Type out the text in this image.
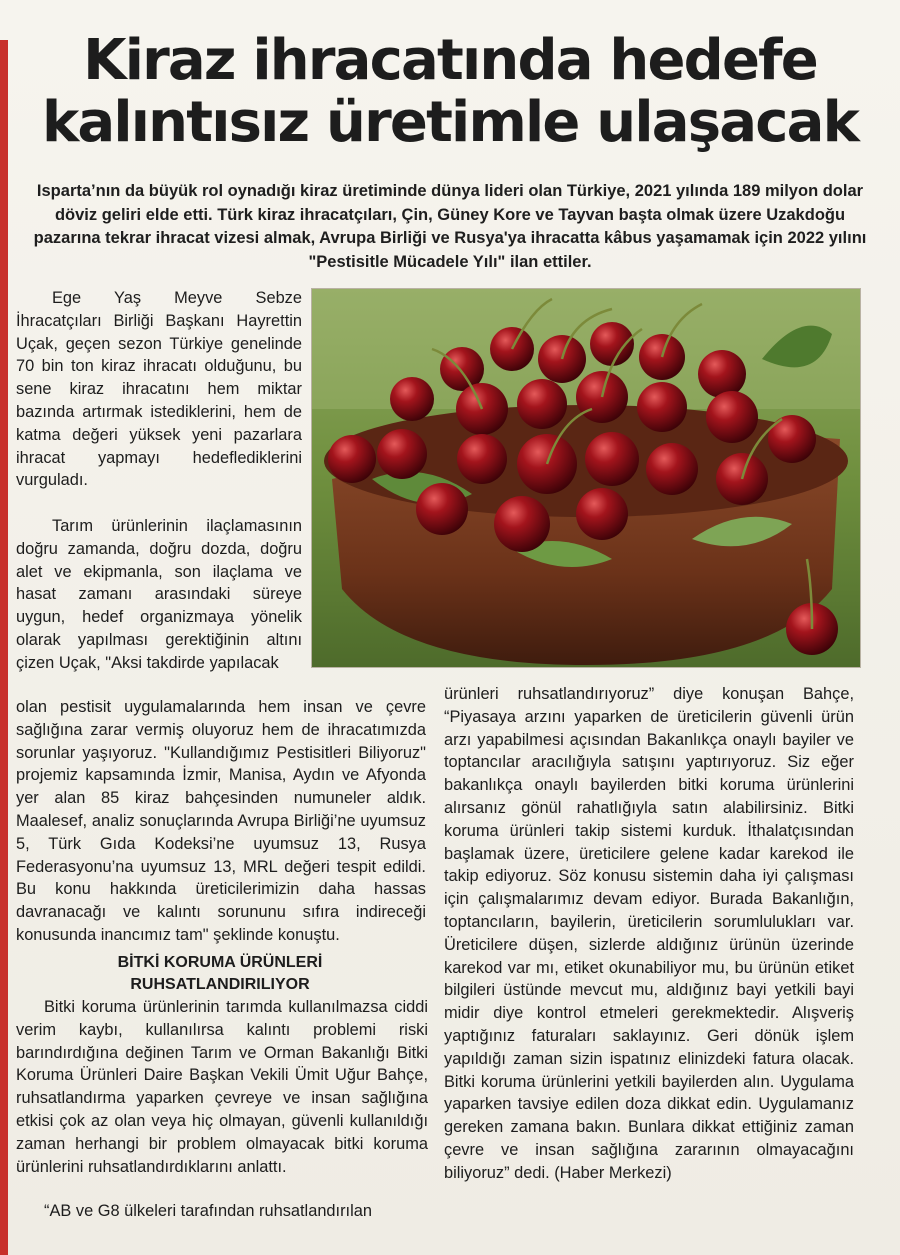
Kiraz ihracatında hedefe
kalıntısız üretimle ulaşacak

Isparta’nın da büyük rol oynadığı kiraz üretiminde dünya lideri olan Türkiye, 2021 yılında 189 milyon dolar döviz geliri elde etti. Türk kiraz ihracatçıları, Çin, Güney Kore ve Tayvan başta olmak üzere Uzakdoğu pazarına tekrar ihracat vizesi almak, Avrupa Birliği ve Rusya'ya ihracatta kâbus yaşamamak için 2022 yılını "Pestisitle Mücadele Yılı" ilan ettiler.

Ege Yaş Meyve Sebze İhracatçıları Birliği Başkanı Hayrettin Uçak, geçen sezon Türkiye genelinde 70 bin ton kiraz ihracatı olduğunu, bu sene kiraz ihracatını hem miktar bazında artırmak istediklerini, hem de katma değeri yüksek yeni pazarlara ihracat yapmayı hedeflediklerini vurguladı.

Tarım ürünlerinin ilaçlamasının doğru zamanda, doğru dozda, doğru alet ve ekipmanla, son ilaçlama ve hasat zamanı arasındaki süreye uygun, hedef organizmaya yönelik olarak yapılması gerektiğinin altını çizen Uçak, "Aksi takdirde yapılacak

olan pestisit uygulamalarında hem insan ve çevre sağlığına zarar vermiş oluyoruz hem de ihracatımızda sorunlar yaşıyoruz. "Kullandığımız Pestisitleri Biliyoruz" projemiz kapsamında İzmir, Manisa, Aydın ve Afyonda yer alan 85 kiraz bahçesinden numuneler aldık. Maalesef, analiz sonuçlarında Avrupa Birliği’ne uyumsuz 5, Türk Gıda Kodeksi’ne uyumsuz 13, Rusya Federasyonu’na uyumsuz 13, MRL değeri tespit edildi. Bu konu hakkında üreticilerimizin daha hassas davranacağı ve kalıntı sorununu sıfıra indireceği konusunda inancımız tam" şeklinde konuştu.

BİTKİ KORUMA ÜRÜNLERİ RUHSATLANDIRILIYOR

Bitki koruma ürünlerinin tarımda kullanılmazsa ciddi verim kaybı, kullanılırsa kalıntı problemi riski barındırdığına değinen Tarım ve Orman Bakanlığı Bitki Koruma Ürünleri Daire Başkan Vekili Ümit Uğur Bahçe, ruhsatlandırma yaparken çevreye ve insan sağlığına etkisi çok az olan veya hiç olmayan, güvenli kullanıldığı zaman herhangi bir problem olmayacak bitki koruma ürünlerini ruhsatlandırdıklarını anlattı.

“AB ve G8 ülkeleri tarafından ruhsatlandırılan

ürünleri ruhsatlandırıyoruz” diye konuşan Bahçe, “Piyasaya arzını yaparken de üreticilerin güvenli ürün arzı yapabilmesi açısından Bakanlıkça onaylı bayiler ve toptancılar aracılığıyla satışını yaptırıyoruz. Siz eğer bakanlıkça onaylı bayilerden bitki koruma ürünlerini alırsanız gönül rahatlığıyla satın alabilirsiniz. Bitki koruma ürünleri takip sistemi kurduk. İthalatçısından başlamak üzere, üreticilere gelene kadar karekod ile takip ediyoruz. Söz konusu sistemin daha iyi çalışması için çalışmalarımız devam ediyor. Burada Bakanlığın, toptancıların, bayilerin, üreticilerin sorumlulukları var. Üreticilere düşen, sizlerde aldığınız ürünün üzerinde karekod var mı, etiket okunabiliyor mu, bu ürünün etiket bilgileri üstünde mevcut mu, aldığınız bayi yetkili bayi midir diye kontrol etmeleri gerekmektedir. Alışveriş yaptığınız faturaları saklayınız. Geri dönük işlem yapıldığı zaman sizin ispatınız elinizdeki fatura olacak. Bitki koruma ürünlerini yetkili bayilerden alın. Uygulama yaparken tavsiye edilen doza dikkat edin. Uygulamanız gereken zamana bakın. Bunlara dikkat ettiğiniz zaman çevre ve insan sağlığına zararının olmayacağını biliyoruz” dedi. (Haber Merkezi)
